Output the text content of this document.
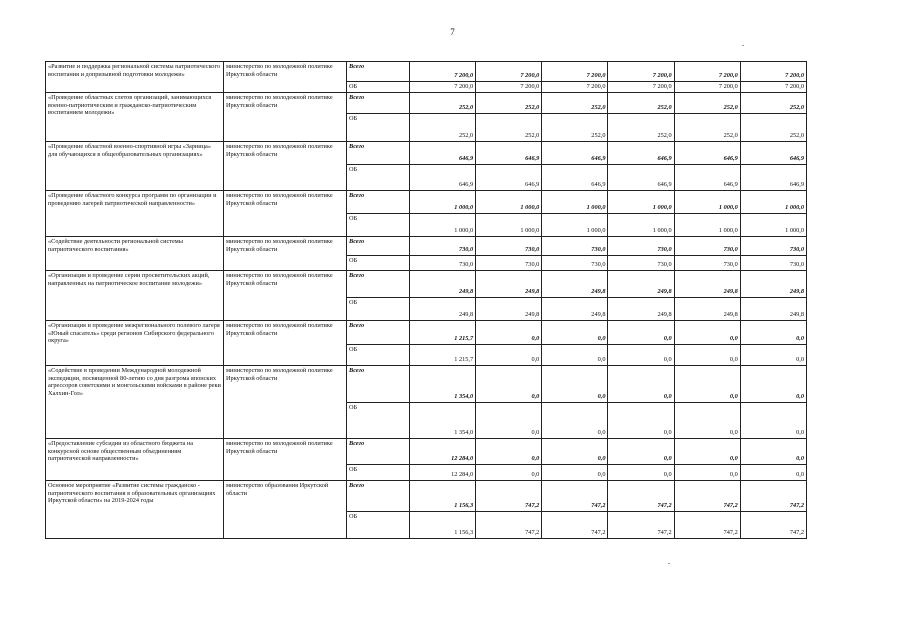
7
«Развитие и поддержка региональной системы патриотического воспитания и допризывной подготовки молодежи»	министерство по молодежной политике Иркутской области	Всего	7 200,0	7 200,0	7 200,0	7 200,0	7 200,0	7 200,0
		ОБ	7 200,0	7 200,0	7 200,0	7 200,0	7 200,0	7 200,0
«Проведение областных слетов организаций, занимающихся военно-патриотическим и гражданско-патриотическим воспитанием молодежи»	министерство по молодежной политике Иркутской области	Всего	252,0	252,0	252,0	252,0	252,0	252,0
		ОБ	252,0	252,0	252,0	252,0	252,0	252,0
«Проведение областной военно-спортивной игры «Зарница» для обучающихся в общеобразовательных организациях»	министерство по молодежной политике Иркутской области	Всего	646,9	646,9	646,9	646,9	646,9	646,9
		ОБ	646,9	646,9	646,9	646,9	646,9	646,9
«Проведение областного конкурса программ по организации и проведению лагерей патриотической направленности»	министерство по молодежной политике Иркутской области	Всего	1 000,0	1 000,0	1 000,0	1 000,0	1 000,0	1 000,0
		ОБ	1 000,0	1 000,0	1 000,0	1 000,0	1 000,0	1 000,0
«Содействие деятельности региональной системы патриотического воспитания»	министерство по молодежной политике Иркутской области	Всего	730,0	730,0	730,0	730,0	730,0	730,0
		ОБ	730,0	730,0	730,0	730,0	730,0	730,0
«Организация и проведение серии просветительских акций, направленных на патриотическое воспитание молодежи»	министерство по молодежной политике Иркутской области	Всего	249,8	249,8	249,8	249,8	249,8	249,8
		ОБ	249,8	249,8	249,8	249,8	249,8	249,8
«Организация и проведение межрегионального полевого лагеря «Юный спасатель» среди регионов Сибирского федерального округа»	министерство по молодежной политике Иркутской области	Всего	1 215,7	0,0	0,0	0,0	0,0	0,0
		ОБ	1 215,7	0,0	0,0	0,0	0,0	0,0
«Содействие в проведении Международной молодежной экспедиции, посвященной 80-летию со дня разгрома японских агрессоров советскими и монгольскими войсками в районе реки Халхин-Гол»	министерство по молодежной политике Иркутской области	Всего	1 354,0	0,0	0,0	0,0	0,0	0,0
		ОБ	1 354,0	0,0	0,0	0,0	0,0	0,0
«Предоставление субсидии из областного бюджета на конкурсной основе общественным объединениям патриотической направленности»	министерство по молодежной политике Иркутской области	Всего	12 284,0	0,0	0,0	0,0	0,0	0,0
		ОБ	12 284,0	0,0	0,0	0,0	0,0	0,0
Основное мероприятие «Развитие системы гражданско - патриотического воспитания в образовательных организациях Иркутской области» на 2019-2024 годы	министерство образования Иркутской области	Всего	1 156,3	747,2	747,2	747,2	747,2	747,2
		ОБ	1 156,3	747,2	747,2	747,2	747,2	747,2
